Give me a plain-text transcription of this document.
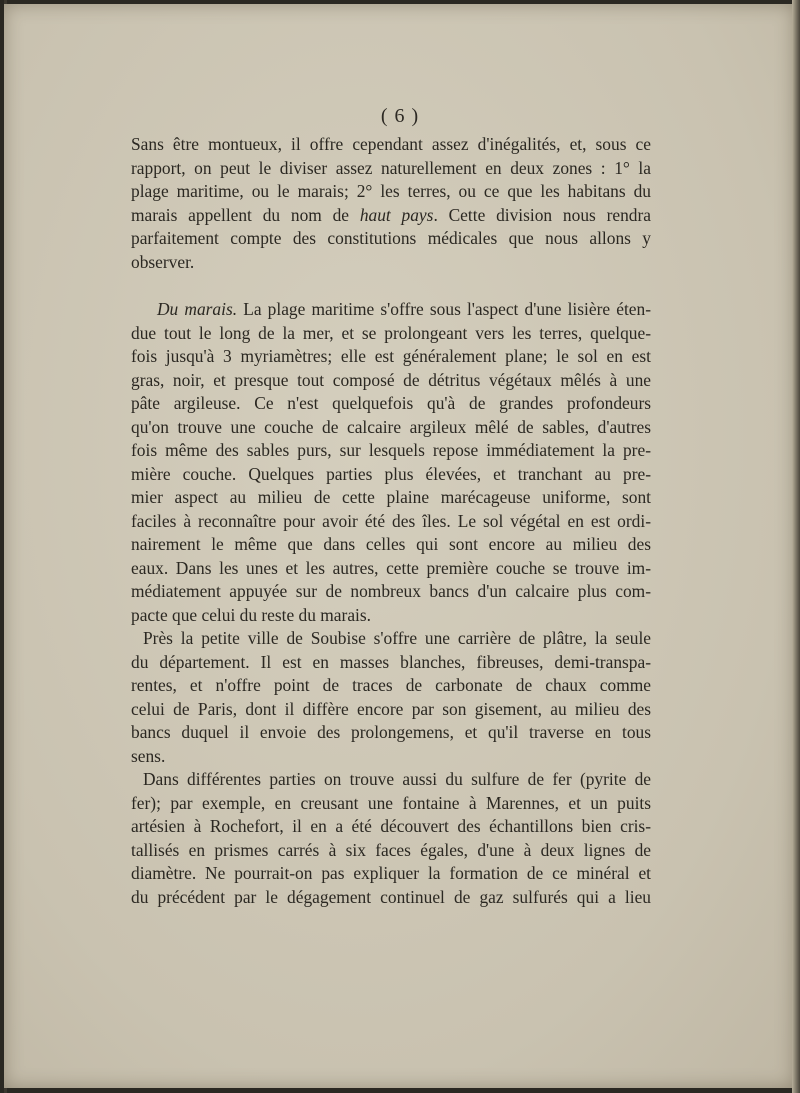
( 6 )
Sans être montueux, il offre cependant assez d'inégalités, et, sous ce
rapport, on peut le diviser assez naturellement en deux zones : 1° la
plage maritime, ou le marais; 2° les terres, ou ce que les habitans du
marais appellent du nom de haut pays. Cette division nous rendra
parfaitement compte des constitutions médicales que nous allons y
observer.
Du marais. La plage maritime s'offre sous l'aspect d'une lisière éten-
due tout le long de la mer, et se prolongeant vers les terres, quelque-
fois jusqu'à 3 myriamètres; elle est généralement plane; le sol en est
gras, noir, et presque tout composé de détritus végétaux mêlés à une
pâte argileuse. Ce n'est quelquefois qu'à de grandes profondeurs
qu'on trouve une couche de calcaire argileux mêlé de sables, d'autres
fois même des sables purs, sur lesquels repose immédiatement la pre-
mière couche. Quelques parties plus élevées, et tranchant au pre-
mier aspect au milieu de cette plaine marécageuse uniforme, sont
faciles à reconnaître pour avoir été des îles. Le sol végétal en est ordi-
nairement le même que dans celles qui sont encore au milieu des
eaux. Dans les unes et les autres, cette première couche se trouve im-
médiatement appuyée sur de nombreux bancs d'un calcaire plus com-
pacte que celui du reste du marais.
Près la petite ville de Soubise s'offre une carrière de plâtre, la seule
du département. Il est en masses blanches, fibreuses, demi-transpa-
rentes, et n'offre point de traces de carbonate de chaux comme
celui de Paris, dont il diffère encore par son gisement, au milieu des
bancs duquel il envoie des prolongemens, et qu'il traverse en tous
sens.
Dans différentes parties on trouve aussi du sulfure de fer (pyrite de
fer); par exemple, en creusant une fontaine à Marennes, et un puits
artésien à Rochefort, il en a été découvert des échantillons bien cris-
tallisés en prismes carrés à six faces égales, d'une à deux lignes de
diamètre. Ne pourrait-on pas expliquer la formation de ce minéral et
du précédent par le dégagement continuel de gaz sulfurés qui a lieu
